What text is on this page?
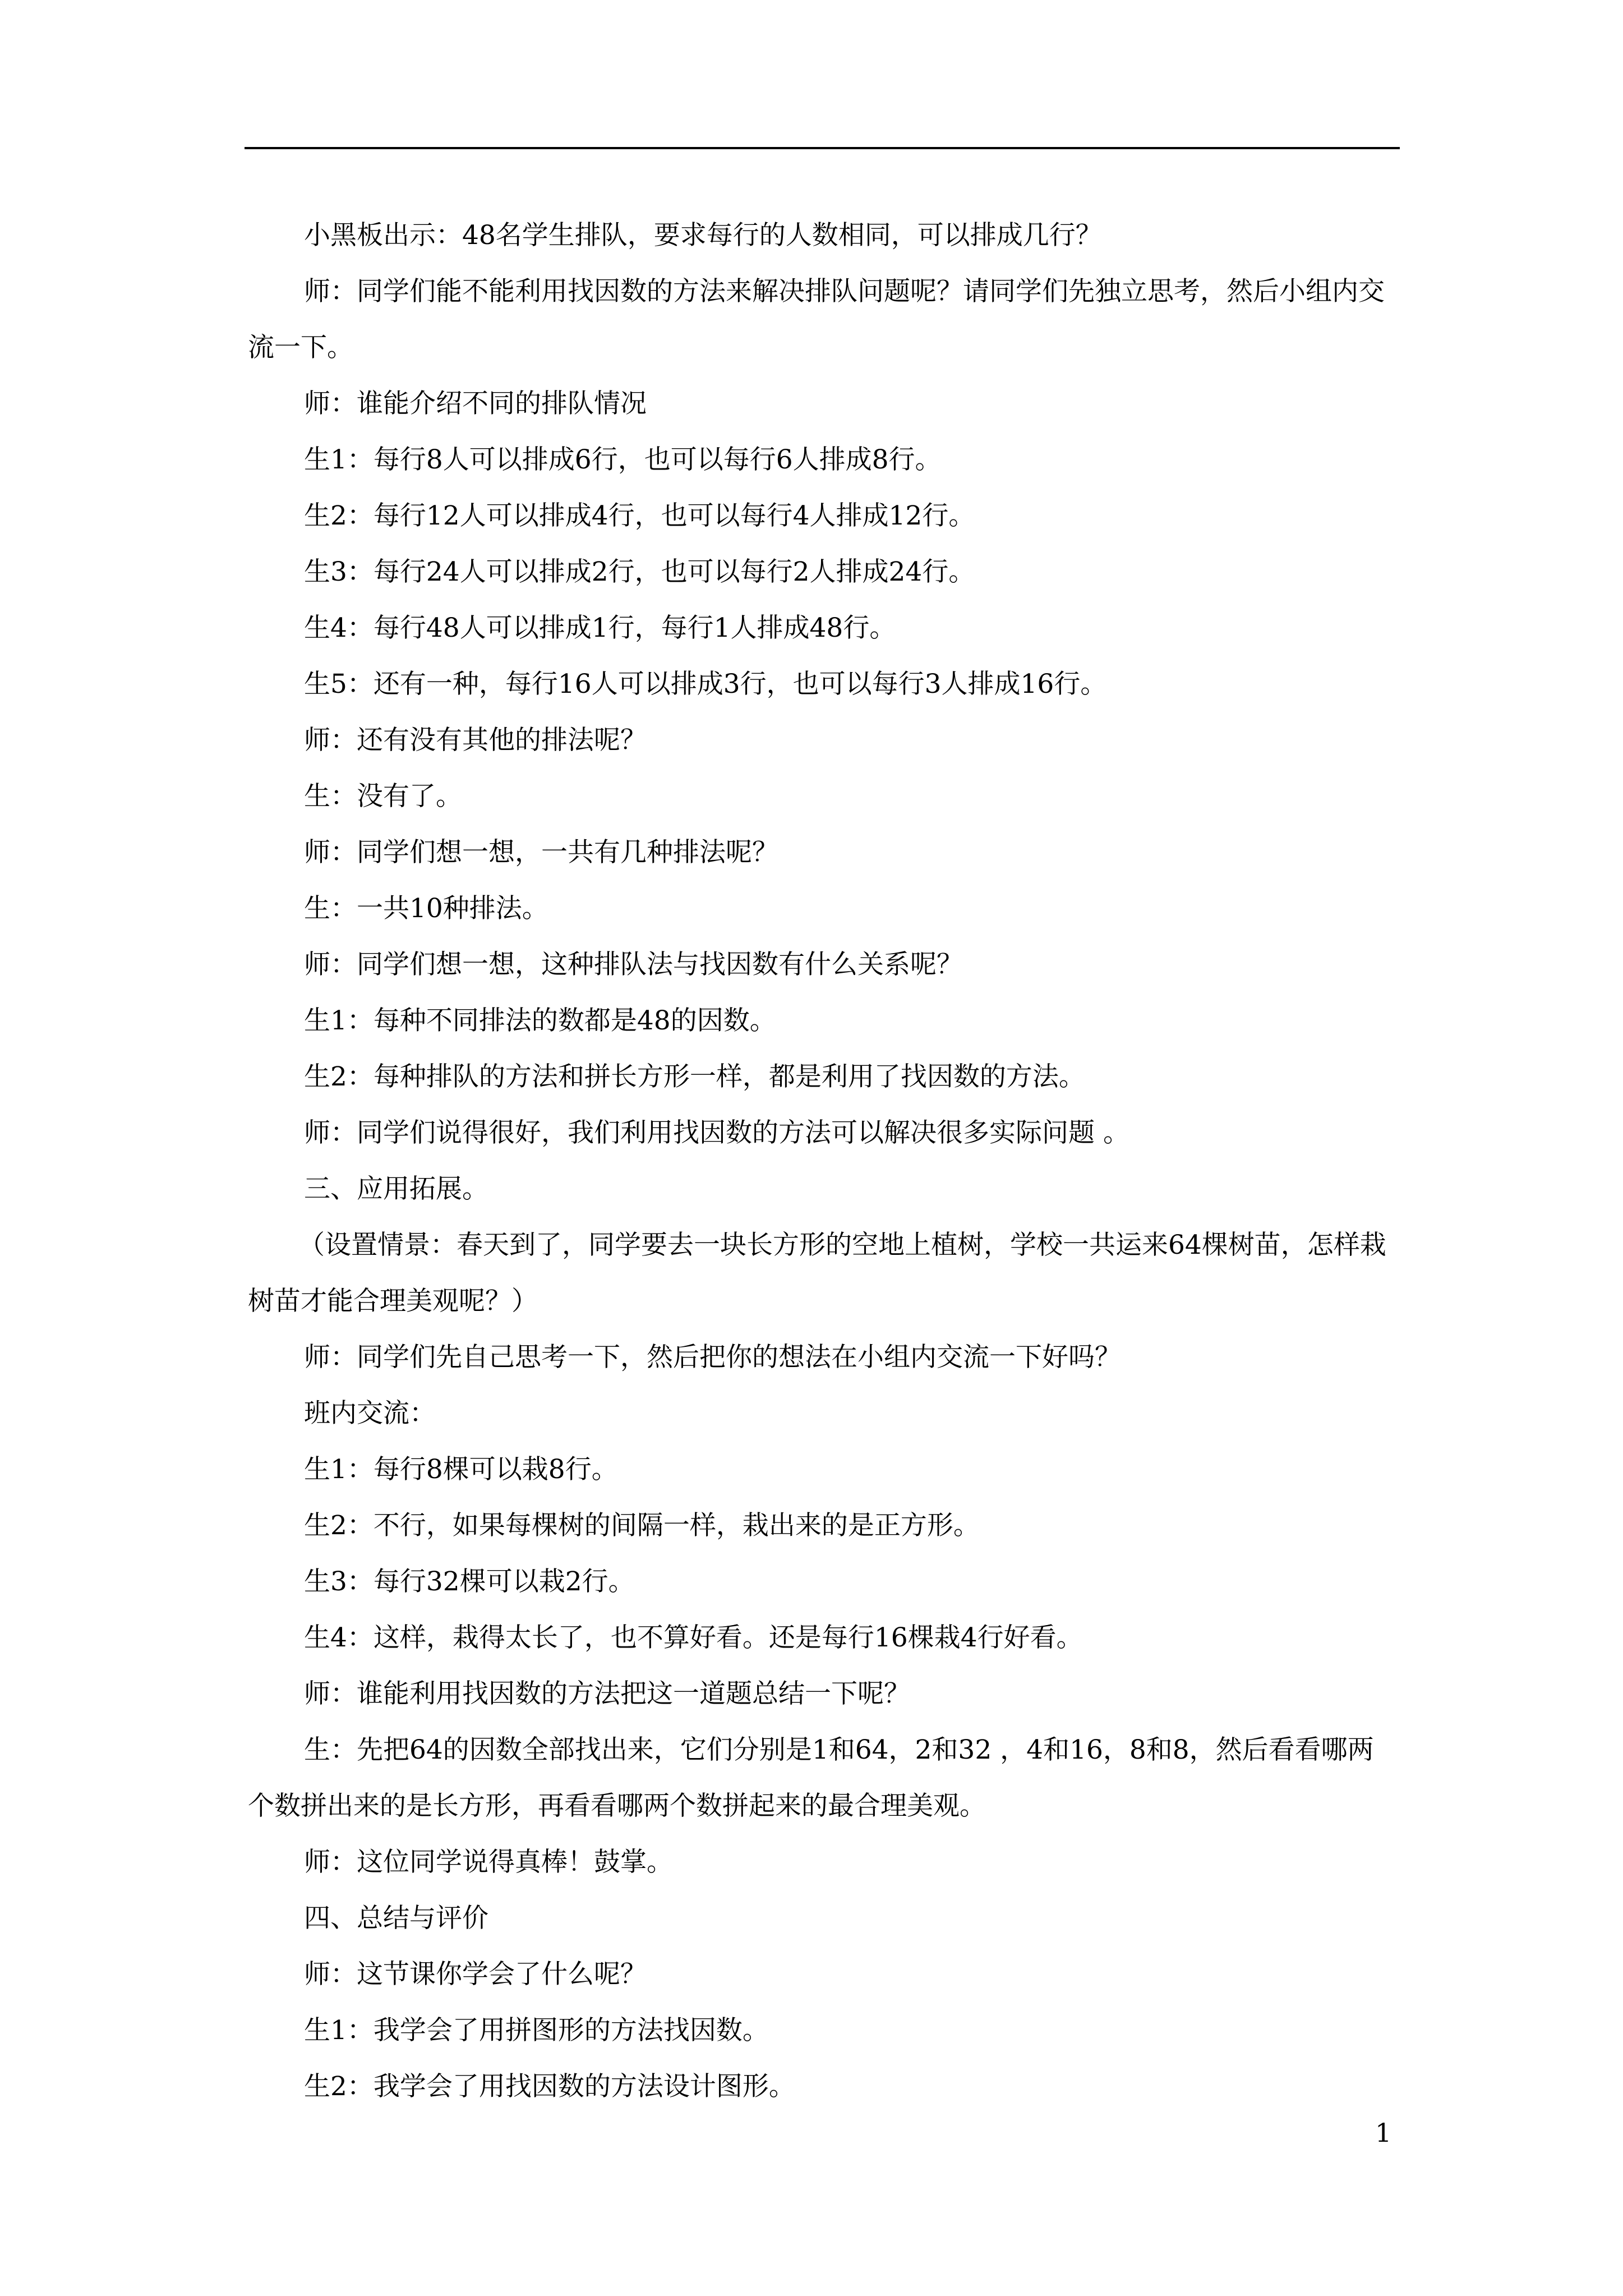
小黑板出示：48名学生排队，要求每行的人数相同，可以排成几行？

师：同学们能不能利用找因数的方法来解决排队问题呢？请同学们先独立思考，然后小组内交流一下。

师：谁能介绍不同的排队情况

生1：每行8人可以排成6行，也可以每行6人排成8行。

生2：每行12人可以排成4行，也可以每行4人排成12行。

生3：每行24人可以排成2行，也可以每行2人排成24行。

生4：每行48人可以排成1行，每行1人排成48行。

生5：还有一种，每行16人可以排成3行，也可以每行3人排成16行。

师：还有没有其他的排法呢？

生：没有了。

师：同学们想一想，一共有几种排法呢？

生：一共10种排法。

师：同学们想一想，这种排队法与找因数有什么关系呢？

生1：每种不同排法的数都是48的因数。

生2：每种排队的方法和拼长方形一样，都是利用了找因数的方法。

师：同学们说得很好，我们利用找因数的方法可以解决很多实际问题 。

三、应用拓展。

（设置情景：春天到了，同学要去一块长方形的空地上植树，学校一共运来64棵树苗，怎样栽树苗才能合理美观呢？）

师：同学们先自己思考一下，然后把你的想法在小组内交流一下好吗？

班内交流：

生1：每行8棵可以栽8行。

生2：不行，如果每棵树的间隔一样，栽出来的是正方形。

生3：每行32棵可以栽2行。

生4：这样，栽得太长了，也不算好看。还是每行16棵栽4行好看。

师：谁能利用找因数的方法把这一道题总结一下呢？

生：先把64的因数全部找出来，它们分别是1和64，2和32 ，4和16，8和8，然后看看哪两个数拼出来的是长方形，再看看哪两个数拼起来的最合理美观。

师：这位同学说得真棒！鼓掌。

四、总结与评价

师：这节课你学会了什么呢？

生1：我学会了用拼图形的方法找因数。

生2：我学会了用找因数的方法设计图形。

1
